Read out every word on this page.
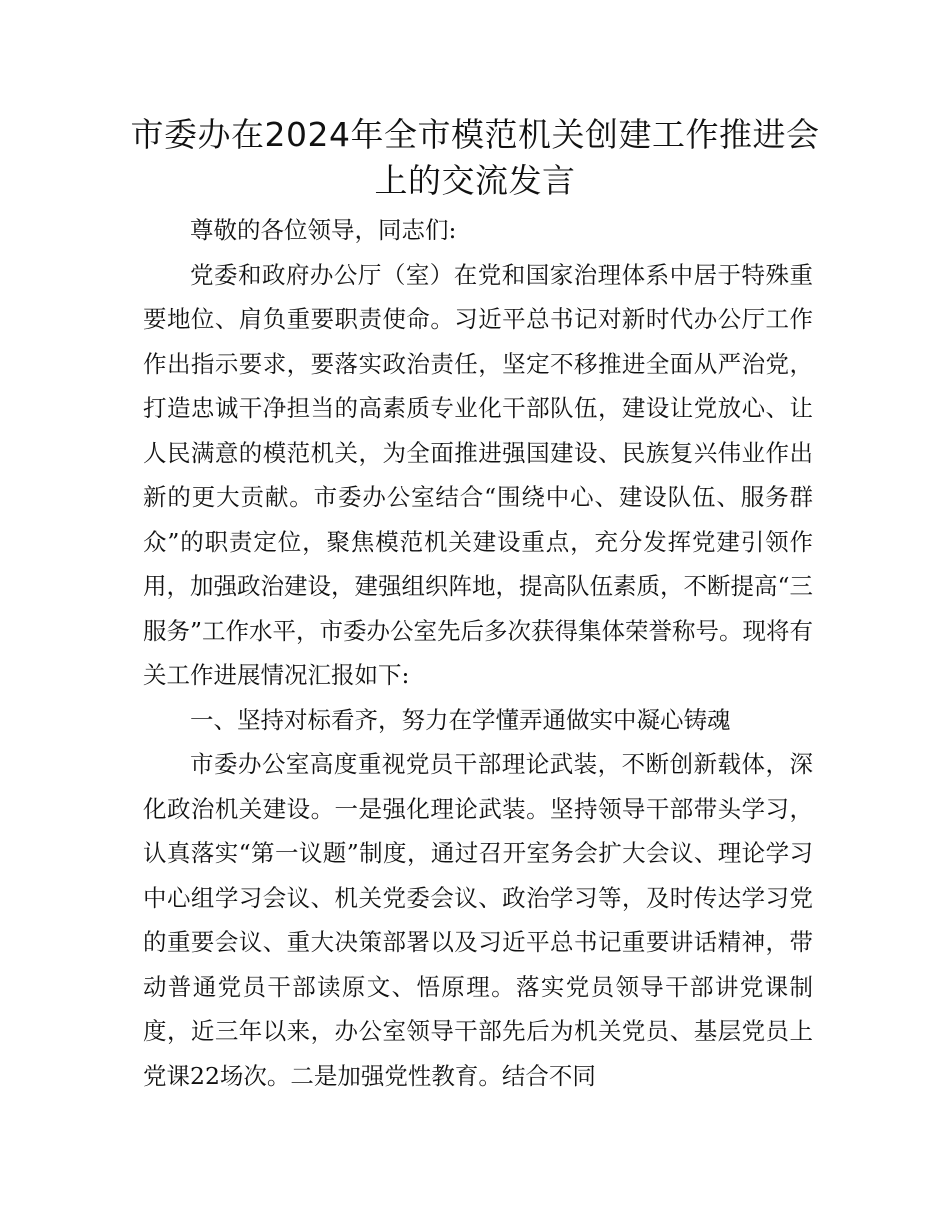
市委办在2024年全市模范机关创建工作推进会
上的交流发言

尊敬的各位领导，同志们:

党委和政府办公厅（室）在党和国家治理体系中居于特殊重要地位、肩负重要职责使命。习近平总书记对新时代办公厅工作作出指示要求，要落实政治责任，坚定不移推进全面从严治党，打造忠诚干净担当的高素质专业化干部队伍，建设让党放心、让人民满意的模范机关，为全面推进强国建设、民族复兴伟业作出新的更大贡献。市委办公室结合“围绕中心、建设队伍、服务群众”的职责定位，聚焦模范机关建设重点，充分发挥党建引领作用，加强政治建设，建强组织阵地，提高队伍素质，不断提高“三服务”工作水平，市委办公室先后多次获得集体荣誉称号。现将有关工作进展情况汇报如下:

一、坚持对标看齐，努力在学懂弄通做实中凝心铸魂

市委办公室高度重视党员干部理论武装，不断创新载体，深化政治机关建设。一是强化理论武装。坚持领导干部带头学习，认真落实“第一议题”制度，通过召开室务会扩大会议、理论学习中心组学习会议、机关党委会议、政治学习等，及时传达学习党的重要会议、重大决策部署以及习近平总书记重要讲话精神，带动普通党员干部读原文、悟原理。落实党员领导干部讲党课制度，近三年以来，办公室领导干部先后为机关党员、基层党员上党课22场次。二是加强党性教育。结合不同
